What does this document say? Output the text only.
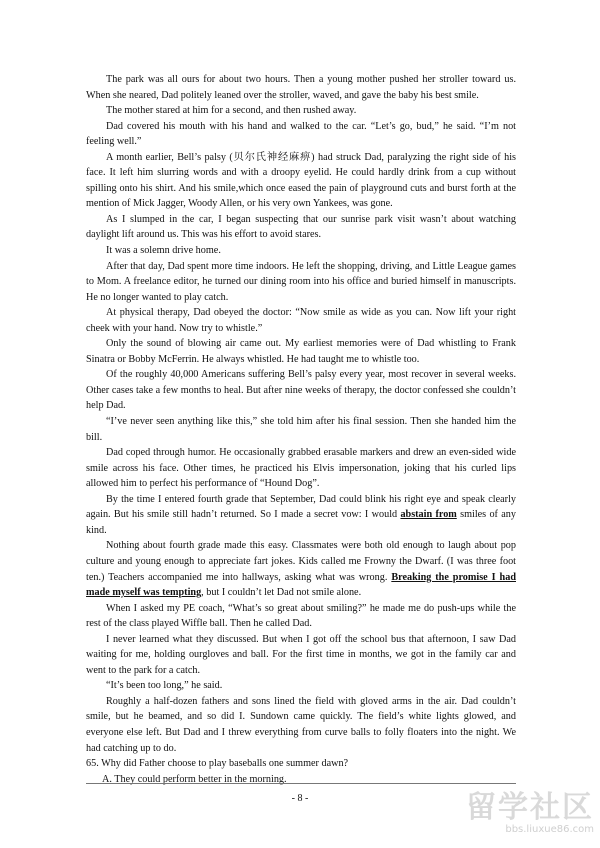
The park was all ours for about two hours. Then a young mother pushed her stroller toward us. When she neared, Dad politely leaned over the stroller, waved, and gave the baby his best smile.

The mother stared at him for a second, and then rushed away.

Dad covered his mouth with his hand and walked to the car. “Let’s go, bud,” he said. “I’m not feeling well.”

A month earlier, Bell’s palsy (贝尔氏神经麻痹) had struck Dad, paralyzing the right side of his face. It left him slurring words and with a droopy eyelid. He could hardly drink from a cup without spilling onto his shirt. And his smile,which once eased the pain of playground cuts and burst forth at the mention of Mick Jagger, Woody Allen, or his very own Yankees, was gone.

As I slumped in the car, I began suspecting that our sunrise park visit wasn’t about watching daylight lift around us. This was his effort to avoid stares.

It was a solemn drive home.

After that day, Dad spent more time indoors. He left the shopping, driving, and Little League games to Mom. A freelance editor, he turned our dining room into his office and buried himself in manuscripts. He no longer wanted to play catch.

At physical therapy, Dad obeyed the doctor: “Now smile as wide as you can. Now lift your right cheek with your hand. Now try to whistle.”

Only the sound of blowing air came out. My earliest memories were of Dad whistling to Frank Sinatra or Bobby McFerrin. He always whistled. He had taught me to whistle too.

Of the roughly 40,000 Americans suffering Bell’s palsy every year, most recover in several weeks. Other cases take a few months to heal. But after nine weeks of therapy, the doctor confessed she couldn’t help Dad.

“I’ve never seen anything like this,” she told him after his final session. Then she handed him the bill.

Dad coped through humor. He occasionally grabbed erasable markers and drew an even-sided wide smile across his face. Other times, he practiced his Elvis impersonation, joking that his curled lips allowed him to perfect his performance of “Hound Dog”.

By the time I entered fourth grade that September, Dad could blink his right eye and speak clearly again. But his smile still hadn’t returned. So I made a secret vow: I would abstain from smiles of any kind.

Nothing about fourth grade made this easy. Classmates were both old enough to laugh about pop culture and young enough to appreciate fart jokes. Kids called me Frowny the Dwarf. (I was three foot ten.) Teachers accompanied me into hallways, asking what was wrong. Breaking the promise I had made myself was tempting, but I couldn’t let Dad not smile alone.

When I asked my PE coach, “What’s so great about smiling?” he made me do push-ups while the rest of the class played Wiffle ball. Then he called Dad.

I never learned what they discussed. But when I got off the school bus that afternoon, I saw Dad waiting for me, holding ourgloves and ball. For the first time in months, we got in the family car and went to the park for a catch.

“It’s been too long,” he said.

Roughly a half-dozen fathers and sons lined the field with gloved arms in the air. Dad couldn’t smile, but he beamed, and so did I. Sundown came quickly. The field’s white lights glowed, and everyone else left. But Dad and I threw everything from curve balls to folly floaters into the night. We had catching up to do.

65. Why did Father choose to play baseballs one summer dawn?

A. They could perform better in the morning.

- 8 -	留学社区
bbs.liuxue86.com
